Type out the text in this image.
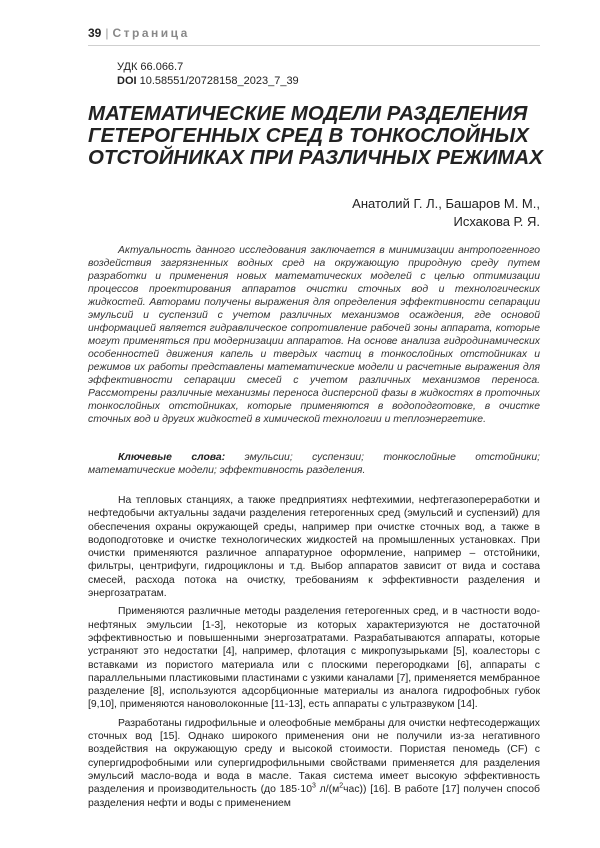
39 | Страница
УДК 66.066.7
DOI 10.58551/20728158_2023_7_39
МАТЕМАТИЧЕСКИЕ МОДЕЛИ РАЗДЕЛЕНИЯ
ГЕТЕРОГЕННЫХ СРЕД В ТОНКОСЛОЙНЫХ
ОТСТОЙНИКАХ ПРИ РАЗЛИЧНЫХ РЕЖИМАХ
Анатолий Г. Л., Башаров М. М.,
Исхакова Р. Я.

Актуальность данного исследования заключается в минимизации антропогенного воздействия загрязненных водных сред на окружающую природную среду путем разработки и применения новых математических моделей с целью оптимизации процессов проектирования аппаратов очистки сточных вод и технологических жидкостей. Авторами получены выражения для определения эффективности сепарации эмульсий и суспензий с учетом различных механизмов осаждения, где основой информацией является гидравлическое сопротивление рабочей зоны аппарата, которые могут применяться при модернизации аппаратов. На основе анализа гидродинамических особенностей движения капель и твердых частиц в тонкослойных отстойниках и режимов их работы представлены математические модели и расчетные выражения для эффективности сепарации смесей с учетом различных механизмов переноса. Рассмотрены различные механизмы переноса дисперсной фазы в жидкостях в проточных тонкослойных отстойниках, которые применяются в водоподготовке, в очистке сточных вод и других жидкостей в химической технологии и теплоэнергетике.

Ключевые слова: эмульсии; суспензии; тонкослойные отстойники; математические модели; эффективность разделения.

На тепловых станциях, а также предприятиях нефтехимии, нефтегазопереработки и нефтедобычи актуальны задачи разделения гетерогенных сред (эмульсий и суспензий) для обеспечения охраны окружающей среды, например при очистке сточных вод, а также в водоподготовке и очистке технологических жидкостей на промышленных установках. При очистки применяются различное аппаратурное оформление, например – отстойники, фильтры, центрифуги, гидроциклоны и т.д. Выбор аппаратов зависит от вида и состава смесей, расхода потока на очистку, требованиям к эффективности разделения и энергозатратам.

Применяются различные методы разделения гетерогенных сред, и в частности водо-нефтяных эмульсии [1-3], некоторые из которых характеризуются не достаточной эффективностью и повышенными энергозатратами. Разрабатываются аппараты, которые устраняют это недостатки [4], например, флотация с микропузырьками [5], коалесторы с вставками из пористого материала или с плоскими перегородками [6], аппараты с параллельными пластиковыми пластинами с узкими каналами [7], применяется мембранное разделение [8], используются адсорбционные материалы из аналога гидрофобных губок [9,10], применяются нановолоконные [11-13], есть аппараты с ультразвуком [14].

Разработаны гидрофильные и олеофобные мембраны для очистки нефтесодержащих сточных вод [15]. Однако широкого применения они не получили из-за негативного воздействия на окружающую среду и высокой стоимости. Пористая пеномедь (CF) с супергидрофобными или супергидрофильными свойствами применяется для разделения эмульсий масло-вода и вода в масле. Такая система имеет высокую эффективность разделения и производительность (до $185\cdot 10^3$ $л/(м^2час)$) [16]. В работе [17] получен способ разделения нефти и воды с применением
